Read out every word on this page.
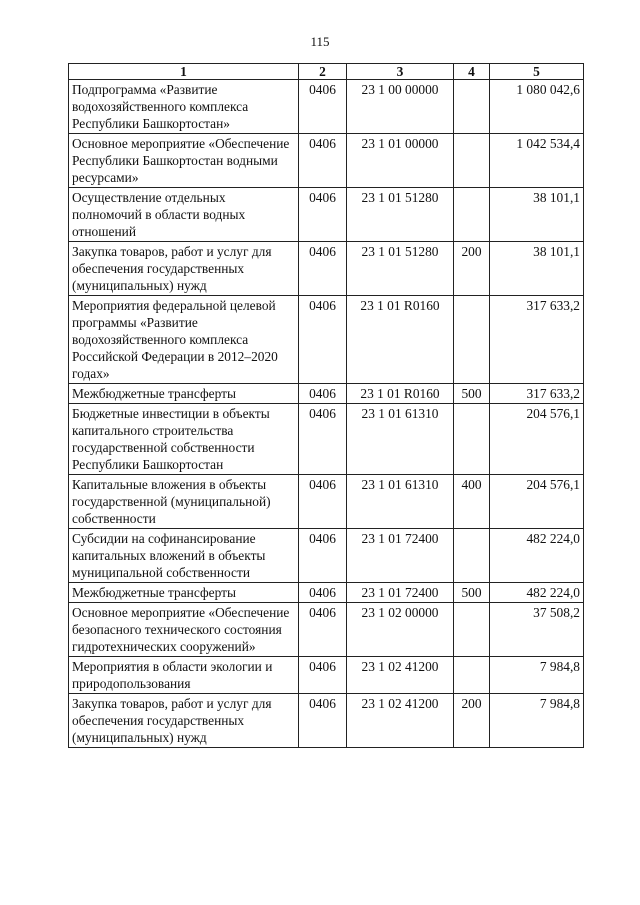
115
1	2	3	4	5
Подпрограмма «Развитие водохозяйственного комплекса Республики Башкортостан»	0406	23 1 00 00000		1 080 042,6
Основное мероприятие «Обеспечение Республики Башкортостан водными ресурсами»	0406	23 1 01 00000		1 042 534,4
Осуществление отдельных полномочий в области водных отношений	0406	23 1 01 51280		38 101,1
Закупка товаров, работ и услуг для обеспечения государственных (муниципальных) нужд	0406	23 1 01 51280	200	38 101,1
Мероприятия федеральной целевой программы «Развитие водохозяйственного комплекса Российской Федерации в 2012–2020 годах»	0406	23 1 01 R0160		317 633,2
Межбюджетные трансферты	0406	23 1 01 R0160	500	317 633,2
Бюджетные инвестиции в объекты капитального строительства государственной собственности Республики Башкортостан	0406	23 1 01 61310		204 576,1
Капитальные вложения в объекты государственной (муниципальной) собственности	0406	23 1 01 61310	400	204 576,1
Субсидии на софинансирование капитальных вложений в объекты муниципальной собственности	0406	23 1 01 72400		482 224,0
Межбюджетные трансферты	0406	23 1 01 72400	500	482 224,0
Основное мероприятие «Обеспечение безопасного технического состояния гидротехнических сооружений»	0406	23 1 02 00000		37 508,2
Мероприятия в области экологии и природопользования	0406	23 1 02 41200		7 984,8
Закупка товаров, работ и услуг для обеспечения государственных (муниципальных) нужд	0406	23 1 02 41200	200	7 984,8
